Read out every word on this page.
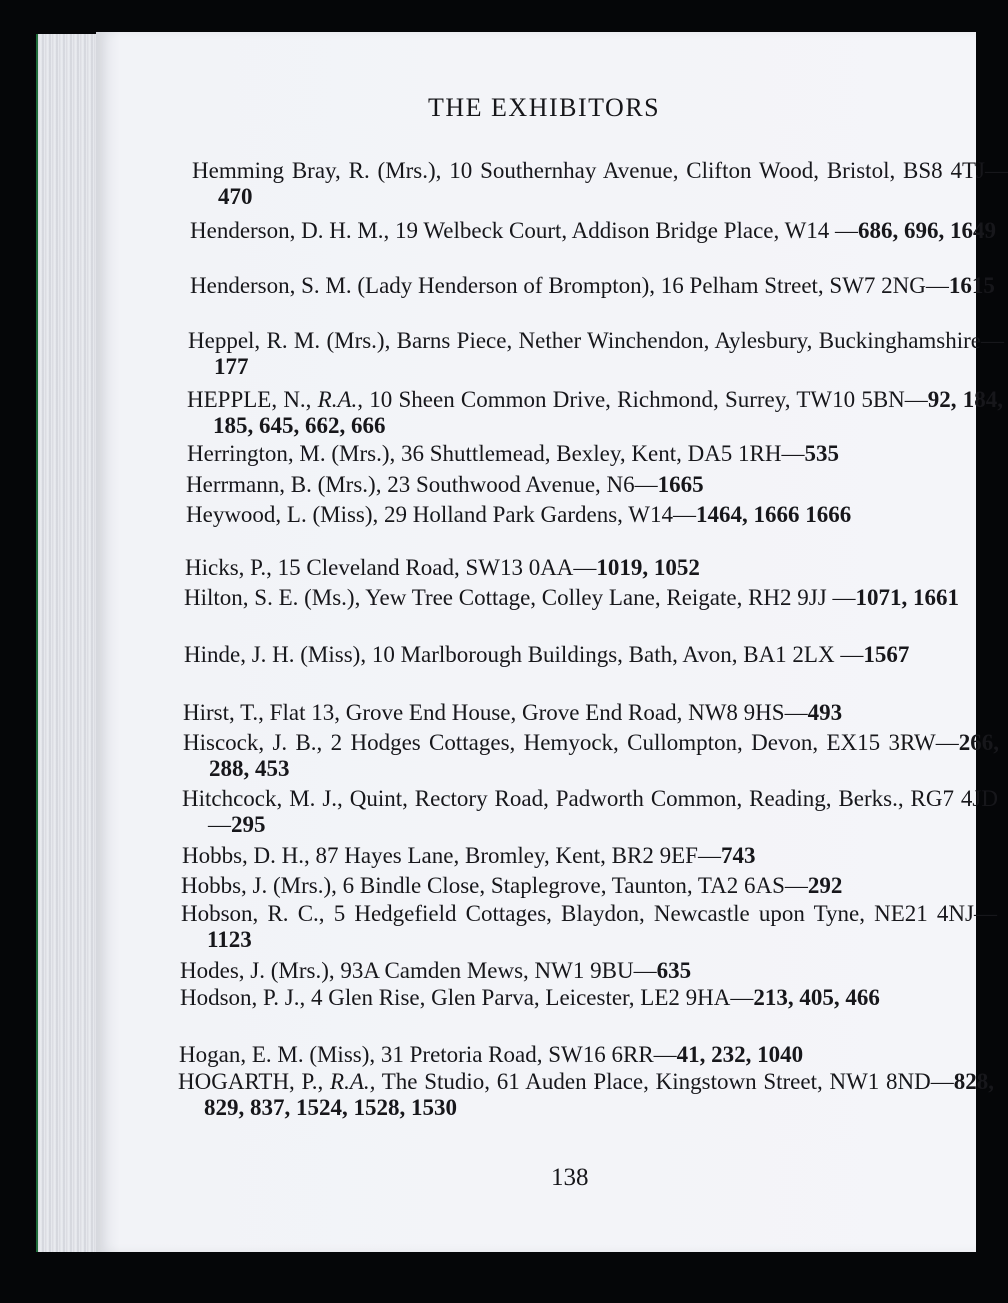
THE EXHIBITORS
Hemming Bray, R. (Mrs.), 10 Southernhay Avenue, Clifton Wood, Bristol, BS8 4TJ—470
Henderson, D. H. M., 19 Welbeck Court, Addison Bridge Place, W14 —686, 696, 1649
Henderson, S. M. (Lady Henderson of Brompton), 16 Pelham Street, SW7 2NG—1615
Heppel, R. M. (Mrs.), Barns Piece, Nether Winchendon, Aylesbury, Buckinghamshire—177
HEPPLE, N., R.A., 10 Sheen Common Drive, Richmond, Surrey, TW10 5BN—92, 184, 185, 645, 662, 666
Herrington, M. (Mrs.), 36 Shuttlemead, Bexley, Kent, DA5 1RH—535
Herrmann, B. (Mrs.), 23 Southwood Avenue, N6—1665
Heywood, L. (Miss), 29 Holland Park Gardens, W14—1464, 1666 1666
Hicks, P., 15 Cleveland Road, SW13 0AA—1019, 1052
Hilton, S. E. (Ms.), Yew Tree Cottage, Colley Lane, Reigate, RH2 9JJ —1071, 1661
Hinde, J. H. (Miss), 10 Marlborough Buildings, Bath, Avon, BA1 2LX —1567
Hirst, T., Flat 13, Grove End House, Grove End Road, NW8 9HS—493
Hiscock, J. B., 2 Hodges Cottages, Hemyock, Cullompton, Devon, EX15 3RW—266, 288, 453
Hitchcock, M. J., Quint, Rectory Road, Padworth Common, Reading, Berks., RG7 4JD—295
Hobbs, D. H., 87 Hayes Lane, Bromley, Kent, BR2 9EF—743
Hobbs, J. (Mrs.), 6 Bindle Close, Staplegrove, Taunton, TA2 6AS—292
Hobson, R. C., 5 Hedgefield Cottages, Blaydon, Newcastle upon Tyne, NE21 4NJ—1123
Hodes, J. (Mrs.), 93A Camden Mews, NW1 9BU—635
Hodson, P. J., 4 Glen Rise, Glen Parva, Leicester, LE2 9HA—213, 405, 466
Hogan, E. M. (Miss), 31 Pretoria Road, SW16 6RR—41, 232, 1040
HOGARTH, P., R.A., The Studio, 61 Auden Place, Kingstown Street, NW1 8ND—828, 829, 837, 1524, 1528, 1530
138
